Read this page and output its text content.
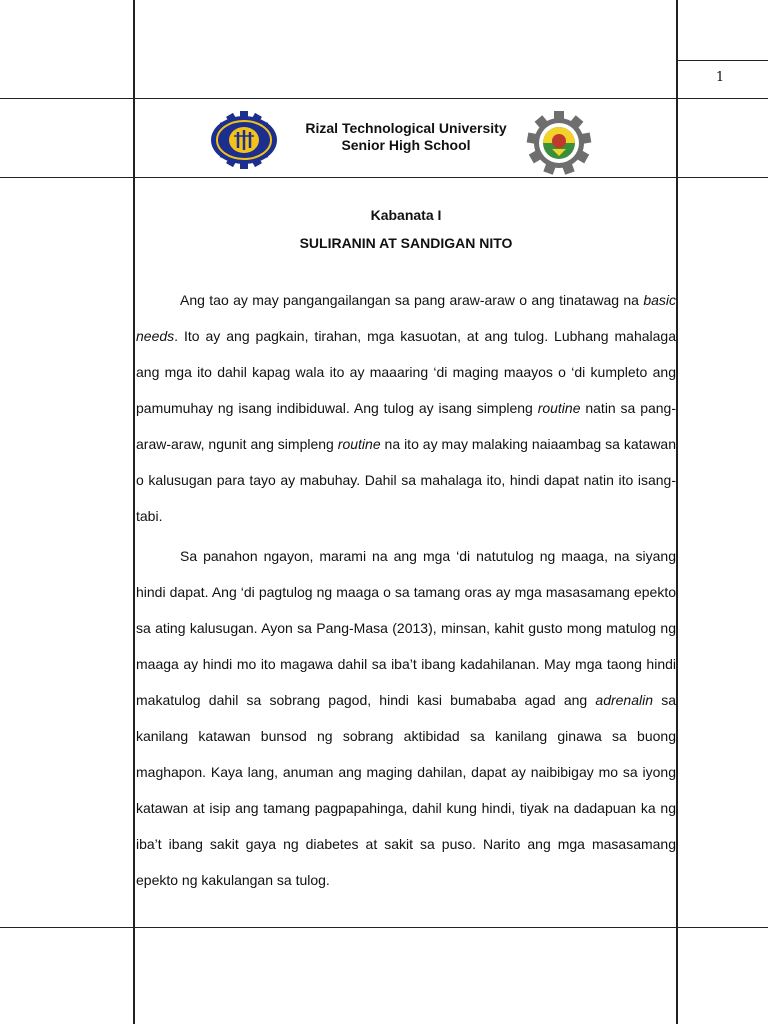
1
Rizal Technological University
Senior High School
Kabanata I
SULIRANIN AT SANDIGAN NITO

Ang tao ay may pangangailangan sa pang araw-araw o ang tinatawag na basic needs. Ito ay ang pagkain, tirahan, mga kasuotan, at ang tulog. Lubhang mahalaga ang mga ito dahil kapag wala ito ay maaaring ‘di maging maayos o ‘di kumpleto ang pamumuhay ng isang indibiduwal. Ang tulog ay isang simpleng routine natin sa pang-araw-araw, ngunit ang simpleng routine na ito ay may malaking naiaambag sa katawan o kalusugan para tayo ay mabuhay. Dahil sa mahalaga ito, hindi dapat natin ito isang-tabi.

Sa panahon ngayon, marami na ang mga ‘di natutulog ng maaga, na siyang hindi dapat. Ang ‘di pagtulog ng maaga o sa tamang oras ay mga masasamang epekto sa ating kalusugan. Ayon sa Pang-Masa (2013), minsan, kahit gusto mong matulog ng maaga ay hindi mo ito magawa dahil sa iba’t ibang kadahilanan. May mga taong hindi makatulog dahil sa sobrang pagod, hindi kasi bumababa agad ang adrenalin sa kanilang katawan bunsod ng sobrang aktibidad sa kanilang ginawa sa buong maghapon. Kaya lang, anuman ang maging dahilan, dapat ay naibibigay mo sa iyong katawan at isip ang tamang pagpapahinga, dahil kung hindi, tiyak na dadapuan ka ng iba’t ibang sakit gaya ng diabetes at sakit sa puso. Narito ang mga masasamang epekto ng kakulangan sa tulog.
